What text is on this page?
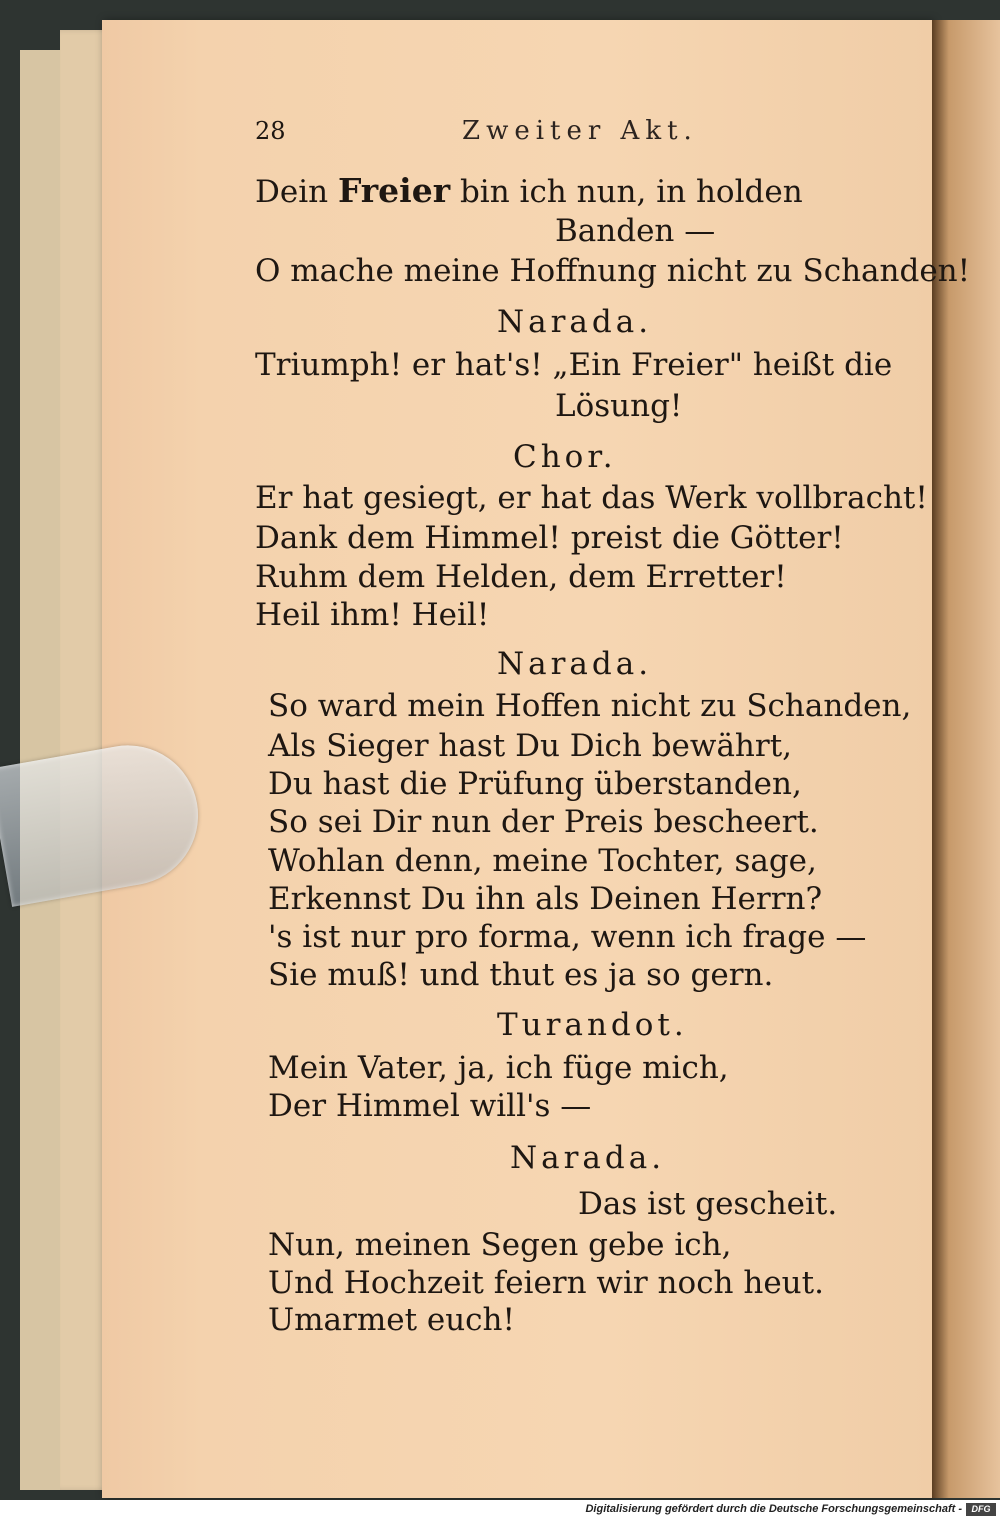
28	Zweiter Akt.
Dein Freier bin ich nun, in holden
Banden —
O mache meine Hoffnung nicht zu Schanden!
Narada.
Triumph! er hat's! „Ein Freier" heißt die
Lösung!
Chor.
Er hat gesiegt, er hat das Werk vollbracht!
Dank dem Himmel! preist die Götter!
Ruhm dem Helden, dem Erretter!
Heil ihm! Heil!
Narada.
So ward mein Hoffen nicht zu Schanden,
Als Sieger hast Du Dich bewährt,
Du hast die Prüfung überstanden,
So sei Dir nun der Preis bescheert.
Wohlan denn, meine Tochter, sage,
Erkennst Du ihn als Deinen Herrn?
's ist nur pro forma, wenn ich frage —
Sie muß! und thut es ja so gern.
Turandot.
Mein Vater, ja, ich füge mich,
Der Himmel will's —
Narada.
Das ist gescheit.
Nun, meinen Segen gebe ich,
Und Hochzeit feiern wir noch heut.
Umarmet euch!
Digitalisierung gefördert durch die Deutsche Forschungsgemeinschaft -	DFG
